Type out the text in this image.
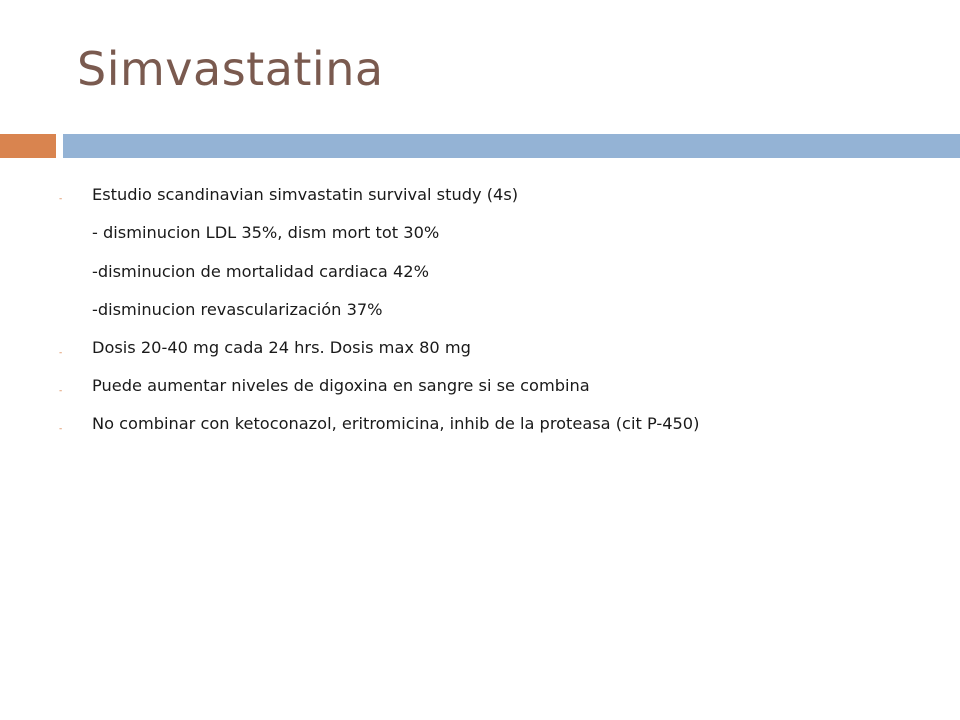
Simvastatina
- Estudio scandinavian simvastatin survival study (4s)
- disminucion LDL 35%, dism mort tot 30%
-disminucion de mortalidad cardiaca 42%
-disminucion revascularización 37%
- Dosis 20-40 mg cada 24 hrs. Dosis max 80 mg
- Puede aumentar niveles de digoxina en sangre si se combina
- No combinar con ketoconazol, eritromicina, inhib de la proteasa (cit P-450)
